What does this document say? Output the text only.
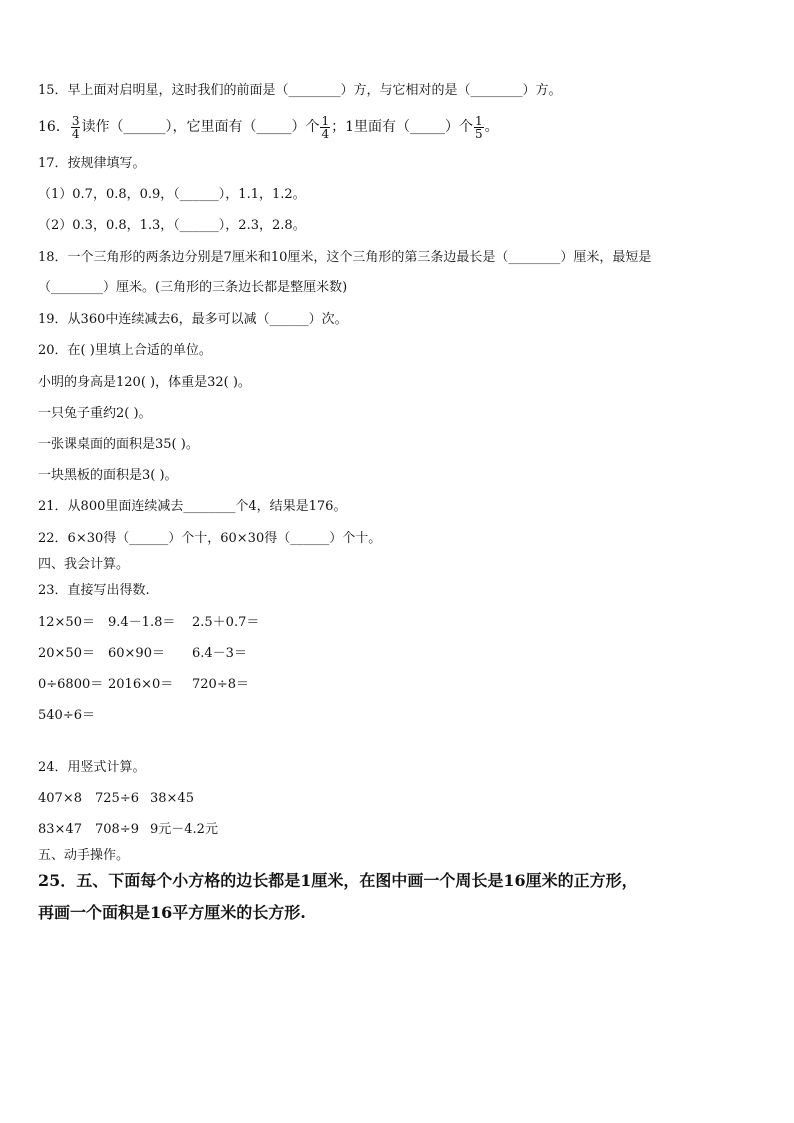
15．早上面对启明星，这时我们的前面是（________）方，与它相对的是（________）方。
16． $\frac{3}{4}$ 读作（______），它里面有（_____）个 $\frac{1}{4}$ ；1里面有（_____）个 $\frac{1}{5}$ 。
17．按规律填写。
（1）0.7，0.8，0.9，（______），1.1，1.2。
（2）0.3，0.8，1.3，（______），2.3，2.8。
18．一个三角形的两条边分别是7厘米和10厘米，这个三角形的第三条边最长是（________）厘米，最短是
（________）厘米。(三角形的三条边长都是整厘米数)
19．从360中连续减去6，最多可以减（______）次。
20．在( )里填上合适的单位。
小明的身高是120( )，体重是32( )。
一只兔子重约2( )。
一张课桌面的面积是35( )。
一块黑板的面积是3( )。
21．从800里面连续减去________个4，结果是176。
22．6×30得（______）个十，60×30得（______）个十。
四、我会计算。
23．直接写出得数.
12×50＝ 9.4－1.8＝ 2.5＋0.7＝
20×50＝ 60×90＝ 6.4－3＝
0÷6800＝ 2016×0＝ 720÷8＝
540÷6＝
24．用竖式计算。
407×8 725÷6 38×45
83×47 708÷9 9元－4.2元
五、动手操作。
25．五、下面每个小方格的边长都是1厘米，在图中画一个周长是16厘米的正方形，
再画一个面积是16平方厘米的长方形.
